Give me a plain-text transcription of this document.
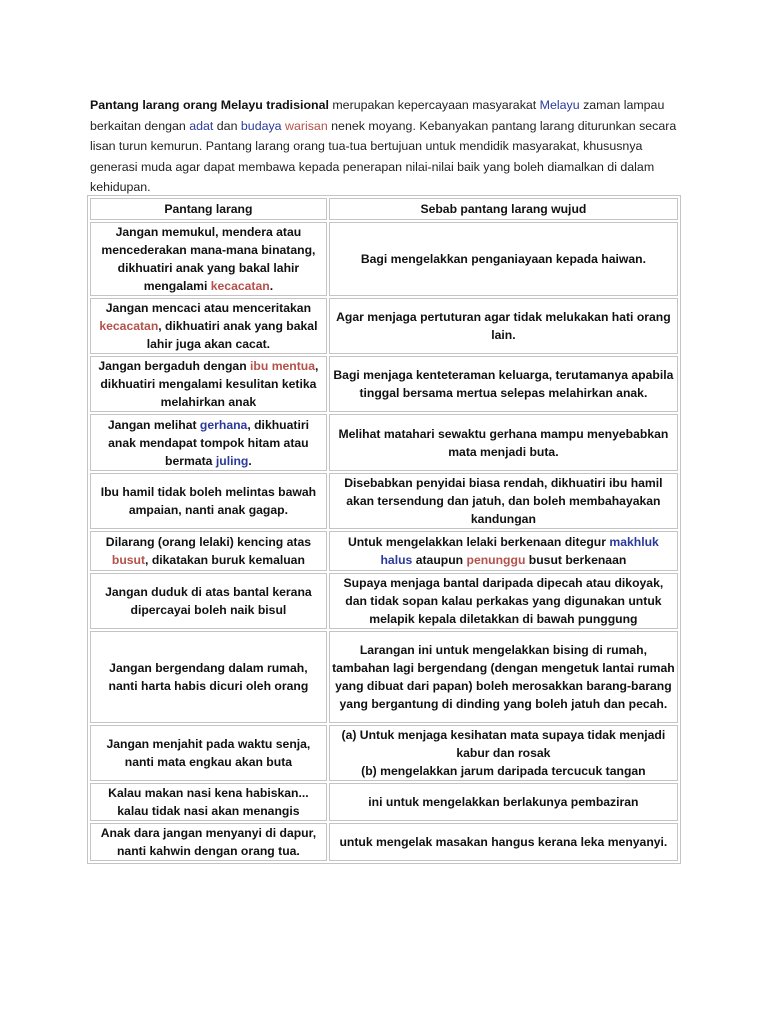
Pantang larang orang Melayu tradisional merupakan kepercayaan masyarakat Melayu zaman lampau berkaitan dengan adat dan budaya warisan nenek moyang. Kebanyakan pantang larang diturunkan secara lisan turun kemurun. Pantang larang orang tua-tua bertujuan untuk mendidik masyarakat, khususnya generasi muda agar dapat membawa kepada penerapan nilai-nilai baik yang boleh diamalkan di dalam kehidupan.
Pantang larang	Sebab pantang larang wujud
Jangan memukul, mendera atau mencederakan mana-mana binatang, dikhuatiri anak yang bakal lahir mengalami kecacatan.	Bagi mengelakkan penganiayaan kepada haiwan.
Jangan mencaci atau menceritakan kecacatan, dikhuatiri anak yang bakal lahir juga akan cacat.	Agar menjaga pertuturan agar tidak melukakan hati orang lain.
Jangan bergaduh dengan ibu mentua, dikhuatiri mengalami kesulitan ketika melahirkan anak	Bagi menjaga kenteteraman keluarga, terutamanya apabila tinggal bersama mertua selepas melahirkan anak.
Jangan melihat gerhana, dikhuatiri anak mendapat tompok hitam atau bermata juling.	Melihat matahari sewaktu gerhana mampu menyebabkan mata menjadi buta.
Ibu hamil tidak boleh melintas bawah ampaian, nanti anak gagap.	Disebabkan penyidai biasa rendah, dikhuatiri ibu hamil akan tersendung dan jatuh, dan boleh membahayakan kandungan
Dilarang (orang lelaki) kencing atas busut, dikatakan buruk kemaluan	Untuk mengelakkan lelaki berkenaan ditegur makhluk halus ataupun penunggu busut berkenaan
Jangan duduk di atas bantal kerana dipercayai boleh naik bisul	Supaya menjaga bantal daripada dipecah atau dikoyak, dan tidak sopan kalau perkakas yang digunakan untuk melapik kepala diletakkan di bawah punggung
Jangan bergendang dalam rumah, nanti harta habis dicuri oleh orang	Larangan ini untuk mengelakkan bising di rumah, tambahan lagi bergendang (dengan mengetuk lantai rumah yang dibuat dari papan) boleh merosakkan barang-barang yang bergantung di dinding yang boleh jatuh dan pecah.
Jangan menjahit pada waktu senja, nanti mata engkau akan buta	(a) Untuk menjaga kesihatan mata supaya tidak menjadi kabur dan rosak
(b) mengelakkan jarum daripada tercucuk tangan
Kalau makan nasi kena habiskan... kalau tidak nasi akan menangis	ini untuk mengelakkan berlakunya pembaziran
Anak dara jangan menyanyi di dapur, nanti kahwin dengan orang tua.	untuk mengelak masakan hangus kerana leka menyanyi.
